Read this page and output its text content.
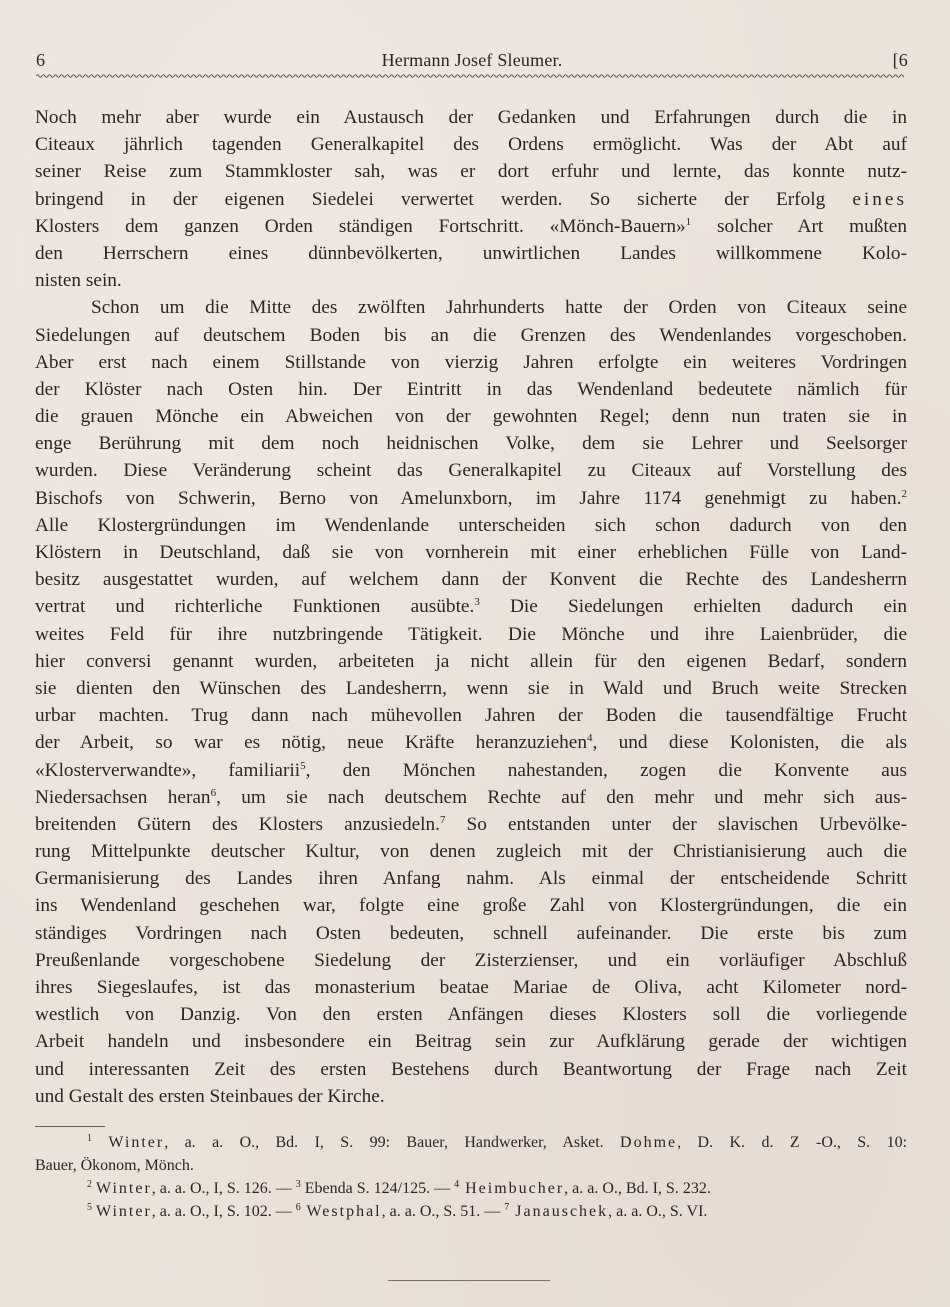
6	Hermann Josef Sleumer.	[6

Noch mehr aber wurde ein Austausch der Gedanken und Erfahrungen durch die in
Citeaux jährlich tagenden Generalkapitel des Ordens ermöglicht. Was der Abt auf
seiner Reise zum Stammkloster sah, was er dort erfuhr und lernte, das konnte nutz-
bringend in der eigenen Siedelei verwertet werden. So sicherte der Erfolg eines
Klosters dem ganzen Orden ständigen Fortschritt. «Mönch-Bauern»$^1$ solcher Art mußten
den Herrschern eines dünnbevölkerten, unwirtlichen Landes willkommene Kolo-
nisten sein.

Schon um die Mitte des zwölften Jahrhunderts hatte der Orden von Citeaux seine
Siedelungen auf deutschem Boden bis an die Grenzen des Wendenlandes vorgeschoben.
Aber erst nach einem Stillstande von vierzig Jahren erfolgte ein weiteres Vordringen
der Klöster nach Osten hin. Der Eintritt in das Wendenland bedeutete nämlich für
die grauen Mönche ein Abweichen von der gewohnten Regel; denn nun traten sie in
enge Berührung mit dem noch heidnischen Volke, dem sie Lehrer und Seelsorger
wurden. Diese Veränderung scheint das Generalkapitel zu Citeaux auf Vorstellung des
Bischofs von Schwerin, Berno von Amelunxborn, im Jahre 1174 genehmigt zu haben.$^2$
Alle Klostergründungen im Wendenlande unterscheiden sich schon dadurch von den
Klöstern in Deutschland, daß sie von vornherein mit einer erheblichen Fülle von Land-
besitz ausgestattet wurden, auf welchem dann der Konvent die Rechte des Landesherrn
vertrat und richterliche Funktionen ausübte.$^3$ Die Siedelungen erhielten dadurch ein
weites Feld für ihre nutzbringende Tätigkeit. Die Mönche und ihre Laienbrüder, die
hier conversi genannt wurden, arbeiteten ja nicht allein für den eigenen Bedarf, sondern
sie dienten den Wünschen des Landesherrn, wenn sie in Wald und Bruch weite Strecken
urbar machten. Trug dann nach mühevollen Jahren der Boden die tausendfältige Frucht
der Arbeit, so war es nötig, neue Kräfte heranzuziehen$^4$, und diese Kolonisten, die als
«Klosterverwandte», familiarii$^5$, den Mönchen nahestanden, zogen die Konvente aus
Niedersachsen heran$^6$, um sie nach deutschem Rechte auf den mehr und mehr sich aus-
breitenden Gütern des Klosters anzusiedeln.$^7$ So entstanden unter der slavischen Urbevölke-
rung Mittelpunkte deutscher Kultur, von denen zugleich mit der Christianisierung auch die
Germanisierung des Landes ihren Anfang nahm. Als einmal der entscheidende Schritt
ins Wendenland geschehen war, folgte eine große Zahl von Klostergründungen, die ein
ständiges Vordringen nach Osten bedeuten, schnell aufeinander. Die erste bis zum
Preußenlande vorgeschobene Siedelung der Zisterzienser, und ein vorläufiger Abschluß
ihres Siegeslaufes, ist das monasterium beatae Mariae de Oliva, acht Kilometer nord-
westlich von Danzig. Von den ersten Anfängen dieses Klosters soll die vorliegende
Arbeit handeln und insbesondere ein Beitrag sein zur Aufklärung gerade der wichtigen
und interessanten Zeit des ersten Bestehens durch Beantwortung der Frage nach Zeit
und Gestalt des ersten Steinbaues der Kirche.

$^1$ Winter, a. a. O., Bd. I, S. 99: Bauer, Handwerker, Asket. Dohme, D. K. d. Z -O., S. 10:
Bauer, Ökonom, Mönch.
$^2$ Winter, a. a. O., I, S. 126. — $^3$ Ebenda S. 124/125. — $^4$ Heimbucher, a. a. O., Bd. I, S. 232.
$^5$ Winter, a. a. O., I, S. 102. — $^6$ Westphal, a. a. O., S. 51. — $^7$ Janauschek, a. a. O., S. VI.
